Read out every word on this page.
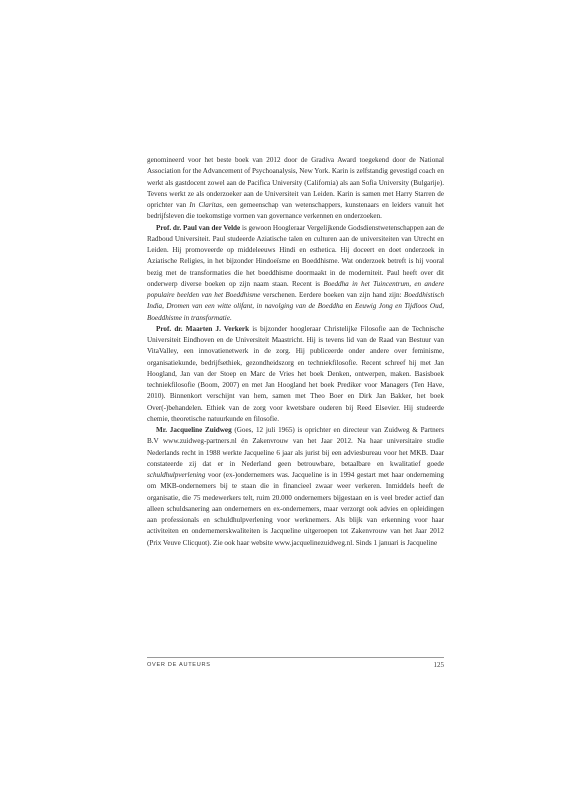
genomineerd voor het beste boek van 2012 door de Gradiva Award toegekend door de National Association for the Advancement of Psychoanalysis, New York. Karin is zelfstandig gevestigd coach en werkt als gastdocent zowel aan de Pacifica University (California) als aan Sofia University (Bulgarije). Tevens werkt ze als onderzoeker aan de Universiteit van Leiden. Karin is samen met Harry Starren de oprichter van In Claritas, een gemeenschap van wetenschappers, kunstenaars en leiders vanuit het bedrijfsleven die toekomstige vormen van governance verkennen en onderzoeken.

Prof. dr. Paul van der Velde is gewoon Hoogleraar Vergelijkende Godsdienstwetenschappen aan de Radboud Universiteit. Paul studeerde Aziatische talen en culturen aan de universiteiten van Utrecht en Leiden. Hij promoveerde op middeleeuws Hindi en esthetica. Hij doceert en doet onderzoek in Aziatische Religies, in het bijzonder Hindoeïsme en Boeddhisme. Wat onderzoek betreft is hij vooral bezig met de transformaties die het boeddhisme doormaakt in de moderniteit. Paul heeft over dit onderwerp diverse boeken op zijn naam staan. Recent is Boeddha in het Tuincentrum, en andere populaire beelden van het Boeddhisme verschenen. Eerdere boeken van zijn hand zijn: Boeddhistisch India, Dromen van een witte olifant, in navolging van de Boeddha en Eeuwig Jong en Tijdloos Oud, Boeddhisme in transformatie.

Prof. dr. Maarten J. Verkerk is bijzonder hoogleraar Christelijke Filosofie aan de Technische Universiteit Eindhoven en de Universiteit Maastricht. Hij is tevens lid van de Raad van Bestuur van VitaValley, een innovatienetwerk in de zorg. Hij publiceerde onder andere over feminisme, organisatiekunde, bedrijfsethiek, gezondheidszorg en techniekfilosofie. Recent schreef hij met Jan Hoogland, Jan van der Stoep en Marc de Vries het boek Denken, ontwerpen, maken. Basisboek techniekfilosofie (Boom, 2007) en met Jan Hoogland het boek Prediker voor Managers (Ten Have, 2010). Binnenkort verschijnt van hem, samen met Theo Boer en Dirk Jan Bakker, het boek Over(-)behandelen. Ethiek van de zorg voor kwetsbare ouderen bij Reed Elsevier. Hij studeerde chemie, theoretische natuurkunde en filosofie.

Mr. Jacqueline Zuidweg (Goes, 12 juli 1965) is oprichter en directeur van Zuidweg & Partners B.V www.zuidweg-partners.nl én Zakenvrouw van het Jaar 2012. Na haar universitaire studie Nederlands recht in 1988 werkte Jacqueline 6 jaar als jurist bij een adviesbureau voor het MKB. Daar constateerde zij dat er in Nederland geen betrouwbare, betaalbare en kwalitatief goede schuldhulpverlening voor (ex-)ondernemers was. Jacqueline is in 1994 gestart met haar onderneming om MKB-ondernemers bij te staan die in financieel zwaar weer verkeren. Inmiddels heeft de organisatie, die 75 medewerkers telt, ruim 20.000 ondernemers bijgestaan en is veel breder actief dan alleen schuldsanering aan ondernemers en ex-ondernemers, maar verzorgt ook advies en opleidingen aan professionals en schuldhulpverlening voor werknemers. Als blijk van erkenning voor haar activiteiten en ondernemerskwaliteiten is Jacqueline uitgeroepen tot Zakenvrouw van het Jaar 2012 (Prix Veuve Clicquot). Zie ook haar website www.jacquelinezuidweg.nl. Sinds 1 januari is Jacqueline

OVER DE AUTEURS	125
